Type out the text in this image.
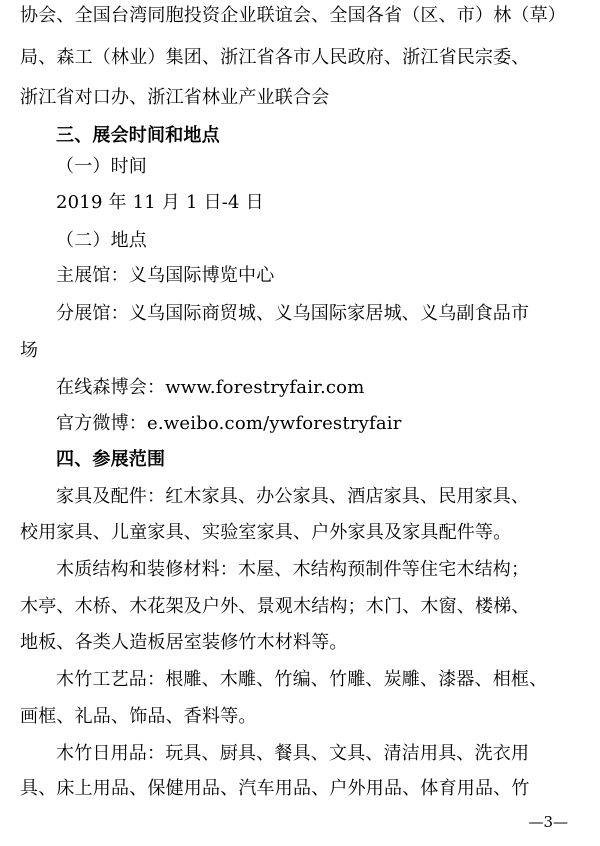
协会、全国台湾同胞投资企业联谊会、全国各省（区、市）林（草）
局、森工（林业）集团、浙江省各市人民政府、浙江省民宗委、
浙江省对口办、浙江省林业产业联合会
三、展会时间和地点
（一）时间
2019 年 11 月 1 日-4 日
（二）地点
主展馆：义乌国际博览中心
分展馆：义乌国际商贸城、义乌国际家居城、义乌副食品市
场
在线森博会：www.forestryfair.com
官方微博：e.weibo.com/ywforestryfair
四、参展范围
家具及配件：红木家具、办公家具、酒店家具、民用家具、
校用家具、儿童家具、实验室家具、户外家具及家具配件等。
木质结构和装修材料：木屋、木结构预制件等住宅木结构；
木亭、木桥、木花架及户外、景观木结构；木门、木窗、楼梯、
地板、各类人造板居室装修竹木材料等。
木竹工艺品：根雕、木雕、竹编、竹雕、炭雕、漆器、相框、
画框、礼品、饰品、香料等。
木竹日用品：玩具、厨具、餐具、文具、清洁用具、洗衣用
具、床上用品、保健用品、汽车用品、户外用品、体育用品、竹
—3—
